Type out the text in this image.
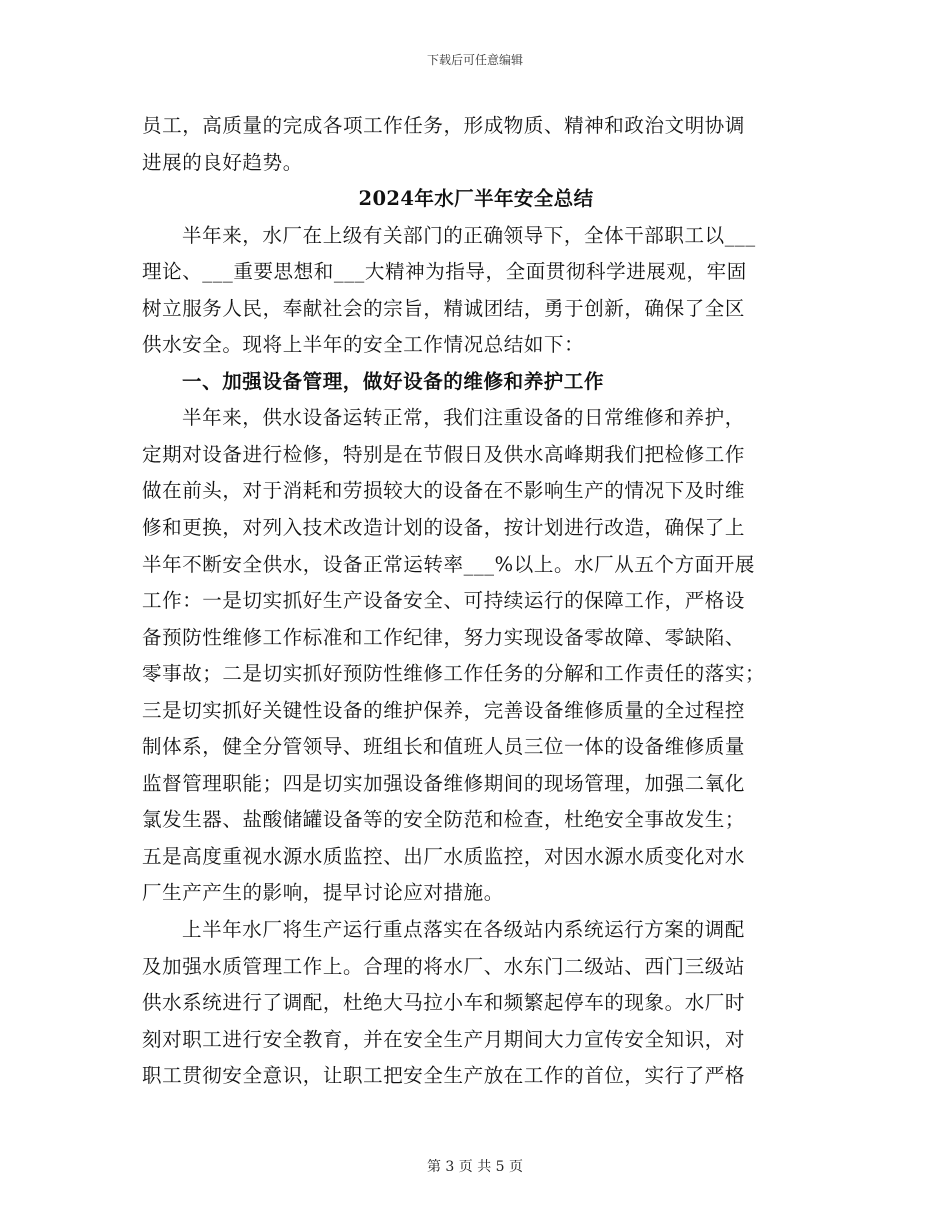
下载后可任意编辑
员工，高质量的完成各项工作任务，形成物质、精神和政治文明协调
进展的良好趋势。
2024年水厂半年安全总结
半年来，水厂在上级有关部门的正确领导下，全体干部职工以___
理论、___重要思想和___大精神为指导，全面贯彻科学进展观，牢固
树立服务人民，奉献社会的宗旨，精诚团结，勇于创新，确保了全区
供水安全。现将上半年的安全工作情况总结如下：
一、加强设备管理，做好设备的维修和养护工作
半年来，供水设备运转正常，我们注重设备的日常维修和养护，
定期对设备进行检修，特别是在节假日及供水高峰期我们把检修工作
做在前头，对于消耗和劳损较大的设备在不影响生产的情况下及时维
修和更换，对列入技术改造计划的设备，按计划进行改造，确保了上
半年不断安全供水，设备正常运转率___%以上。水厂从五个方面开展
工作：一是切实抓好生产设备安全、可持续运行的保障工作，严格设
备预防性维修工作标准和工作纪律，努力实现设备零故障、零缺陷、
零事故；二是切实抓好预防性维修工作任务的分解和工作责任的落实；
三是切实抓好关键性设备的维护保养，完善设备维修质量的全过程控
制体系，健全分管领导、班组长和值班人员三位一体的设备维修质量
监督管理职能；四是切实加强设备维修期间的现场管理，加强二氧化
氯发生器、盐酸储罐设备等的安全防范和检查，杜绝安全事故发生；
五是高度重视水源水质监控、出厂水质监控，对因水源水质变化对水
厂生产产生的影响，提早讨论应对措施。
上半年水厂将生产运行重点落实在各级站内系统运行方案的调配
及加强水质管理工作上。合理的将水厂、水东门二级站、西门三级站
供水系统进行了调配，杜绝大马拉小车和频繁起停车的现象。水厂时
刻对职工进行安全教育，并在安全生产月期间大力宣传安全知识，对
职工贯彻安全意识，让职工把安全生产放在工作的首位，实行了严格
第 3 页 共 5 页
